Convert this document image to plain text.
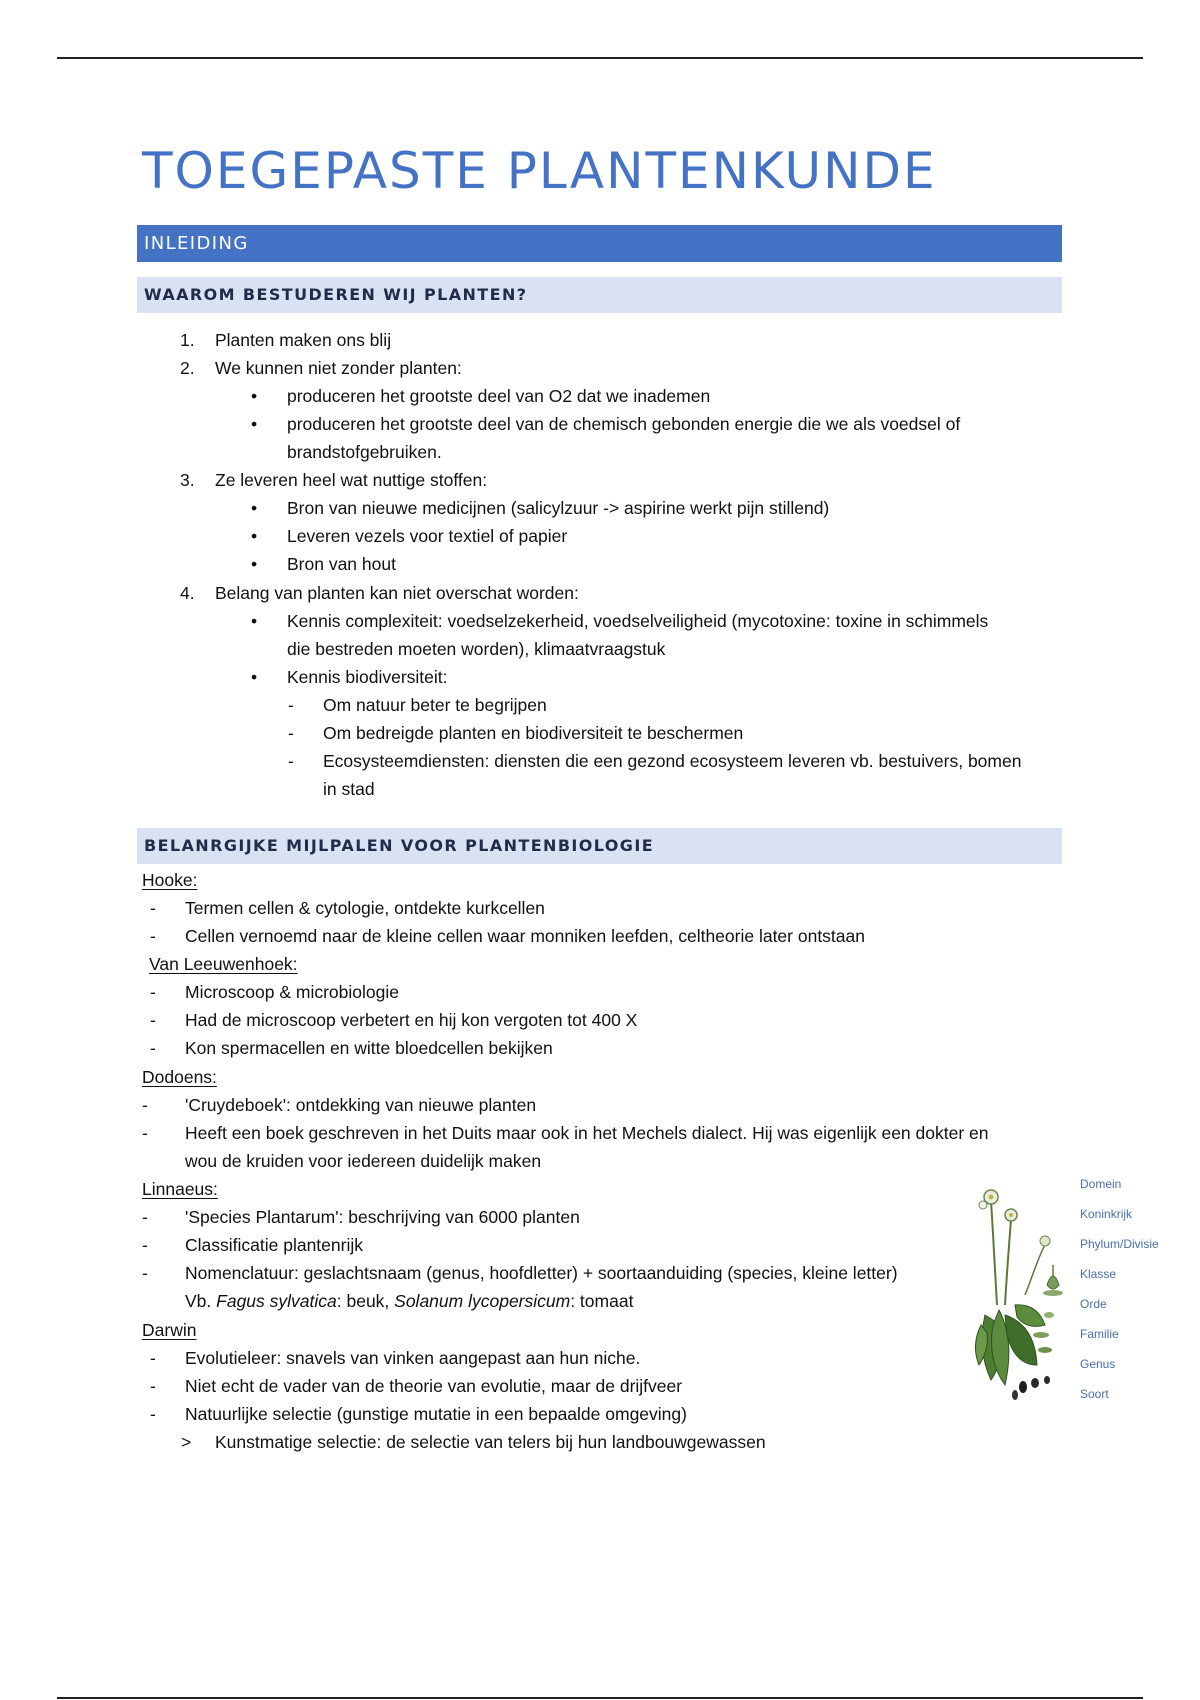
TOEGEPASTE PLANTENKUNDE
INLEIDING
WAAROM BESTUDEREN WIJ PLANTEN?
1. Planten maken ons blij
2. We kunnen niet zonder planten:
• produceren het grootste deel van O2 dat we inademen
• produceren het grootste deel van de chemisch gebonden energie die we als voedsel of
brandstofgebruiken.
3. Ze leveren heel wat nuttige stoffen:
• Bron van nieuwe medicijnen (salicylzuur -> aspirine werkt pijn stillend)
• Leveren vezels voor textiel of papier
• Bron van hout
4. Belang van planten kan niet overschat worden:
• Kennis complexiteit: voedselzekerheid, voedselveiligheid (mycotoxine: toxine in schimmels
die bestreden moeten worden), klimaatvraagstuk
• Kennis biodiversiteit:
- Om natuur beter te begrijpen
- Om bedreigde planten en biodiversiteit te beschermen
- Ecosysteemdiensten: diensten die een gezond ecosysteem leveren vb. bestuivers, bomen
in stad
BELANRGIJKE MIJLPALEN VOOR PLANTENBIOLOGIE
Hooke:
- Termen cellen & cytologie, ontdekte kurkcellen
- Cellen vernoemd naar de kleine cellen waar monniken leefden, celtheorie later ontstaan
Van Leeuwenhoek:
- Microscoop & microbiologie
- Had de microscoop verbetert en hij kon vergoten tot 400 X
- Kon spermacellen en witte bloedcellen bekijken
Dodoens:
- 'Cruydeboek': ontdekking van nieuwe planten
- Heeft een boek geschreven in het Duits maar ook in het Mechels dialect. Hij was eigenlijk een dokter en
wou de kruiden voor iedereen duidelijk maken
Linnaeus:
- 'Species Plantarum': beschrijving van 6000 planten
- Classificatie plantenrijk
- Nomenclatuur: geslachtsnaam (genus, hoofdletter) + soortaanduiding (species, kleine letter)
Vb. Fagus sylvatica: beuk, Solanum lycopersicum: tomaat
Darwin
- Evolutieleer: snavels van vinken aangepast aan hun niche.
- Niet echt de vader van de theorie van evolutie, maar de drijfveer
- Natuurlijke selectie (gunstige mutatie in een bepaalde omgeving)
> Kunstmatige selectie: de selectie van telers bij hun landbouwgewassen
Domein
Koninkrijk
Phylum/Divisie
Klasse
Orde
Familie
Genus
Soort
